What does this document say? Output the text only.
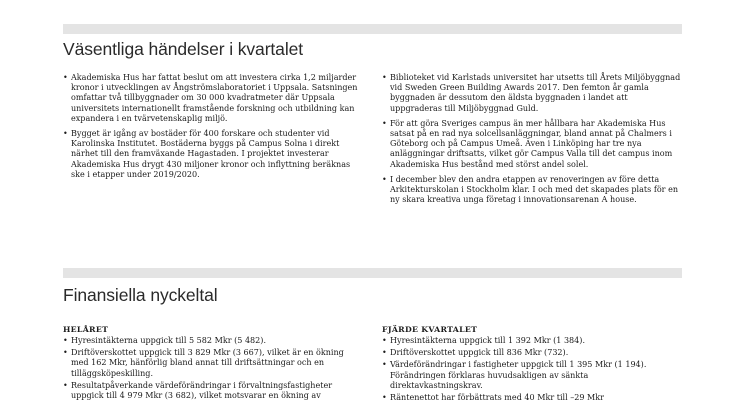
Väsentliga händelser i kvartalet
• Akademiska Hus har fattat beslut om att investera cirka 1,2 miljarder kronor i utvecklingen av Ångströmslaboratoriet i Uppsala. Satsningen omfattar två tillbyggnader om 30 000 kvadratmeter där Uppsala universitets internationellt framstående forskning och utbildning kan expandera i en tvärvetenskaplig miljö.
• Bygget är igång av bostäder för 400 forskare och studenter vid Karolinska Institutet. Bostäderna byggs på Campus Solna i direkt närhet till den framväxande Hagastaden. I projektet investerar Akademiska Hus drygt 430 miljoner kronor och inflyttning beräknas ske i etapper under 2019/2020.
• Biblioteket vid Karlstads universitet har utsetts till Årets Miljöbyggnad vid Sweden Green Building Awards 2017. Den femton år gamla byggnaden är dessutom den äldsta byggnaden i landet att uppgraderas till Miljöbyggnad Guld.
• För att göra Sveriges campus än mer hållbara har Akademiska Hus satsat på en rad nya solcellsanläggningar, bland annat på Chalmers i Göteborg och på Campus Umeå. Även i Linköping har tre nya anläggningar driftsatts, vilket gör Campus Valla till det campus inom Akademiska Hus bestånd med störst andel solel.
• I december blev den andra etappen av renoveringen av före detta Arkitekturskolan i Stockholm klar. I och med det skapades plats för en ny skara kreativa unga företag i innovationsarenan A house.
Finansiella nyckeltal
HELÅRET
• Hyresintäkterna uppgick till 5 582 Mkr (5 482).
• Driftöverskottet uppgick till 3 829 Mkr (3 667), vilket är en ökning med 162 Mkr, hänförlig bland annat till driftsättningar och en tilläggsköpeskilling.
• Resultatpåverkande värdeförändringar i förvaltningsfastigheter uppgick till 4 979 Mkr (3 682), vilket motsvarar en ökning av
FJÄRDE KVARTALET
• Hyresintäkterna uppgick till 1 392 Mkr (1 384).
• Driftöverskottet uppgick till 836 Mkr (732).
• Värdeförändringar i fastigheter uppgick till 1 395 Mkr (1 194). Förändringen förklaras huvudsakligen av sänkta direktavkastningskrav.
• Räntenettot har förbättrats med 40 Mkr till –29 Mkr
